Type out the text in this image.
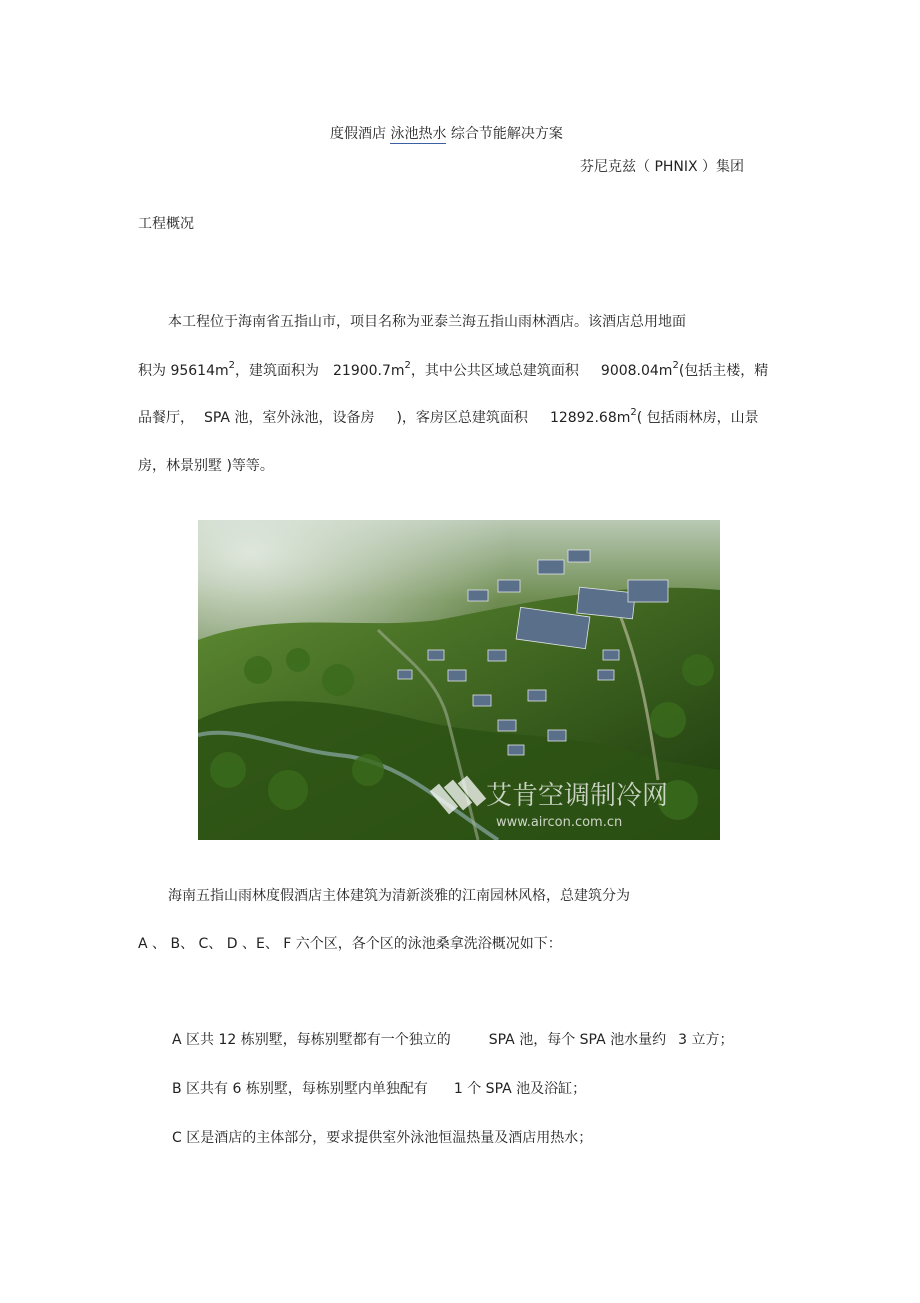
度假酒店 泳池热水 综合节能解决方案
芬尼克兹（ PHNIX ）集团
工程概况
本工程位于海南省五指山市，项目名称为亚泰兰海五指山雨林酒店。该酒店总用地面
积为 $95614m^2$，建筑面积为 $21900.7m^2$，其中公共区域总建筑面积 $9008.04m^2$(包括主楼，精
品餐厅， SPA 池，室外泳池，设备房 )，客房区总建筑面积 $12892.68m^2$( 包括雨林房，山景
房，林景别墅 )等等。
艾肯空调制冷网
www.aircon.com.cn
海南五指山雨林度假酒店主体建筑为清新淡雅的江南园林风格，总建筑分为
A 、 B、 C、 D 、E、 F 六个区，各个区的泳池桑拿洗浴概况如下：
A 区共 12 栋别墅，每栋别墅都有一个独立的	SPA 池，每个 SPA 池水量约 3 立方；
B 区共有 6 栋别墅，每栋别墅内单独配有 1 个 SPA 池及浴缸；
C 区是酒店的主体部分，要求提供室外泳池恒温热量及酒店用热水；
